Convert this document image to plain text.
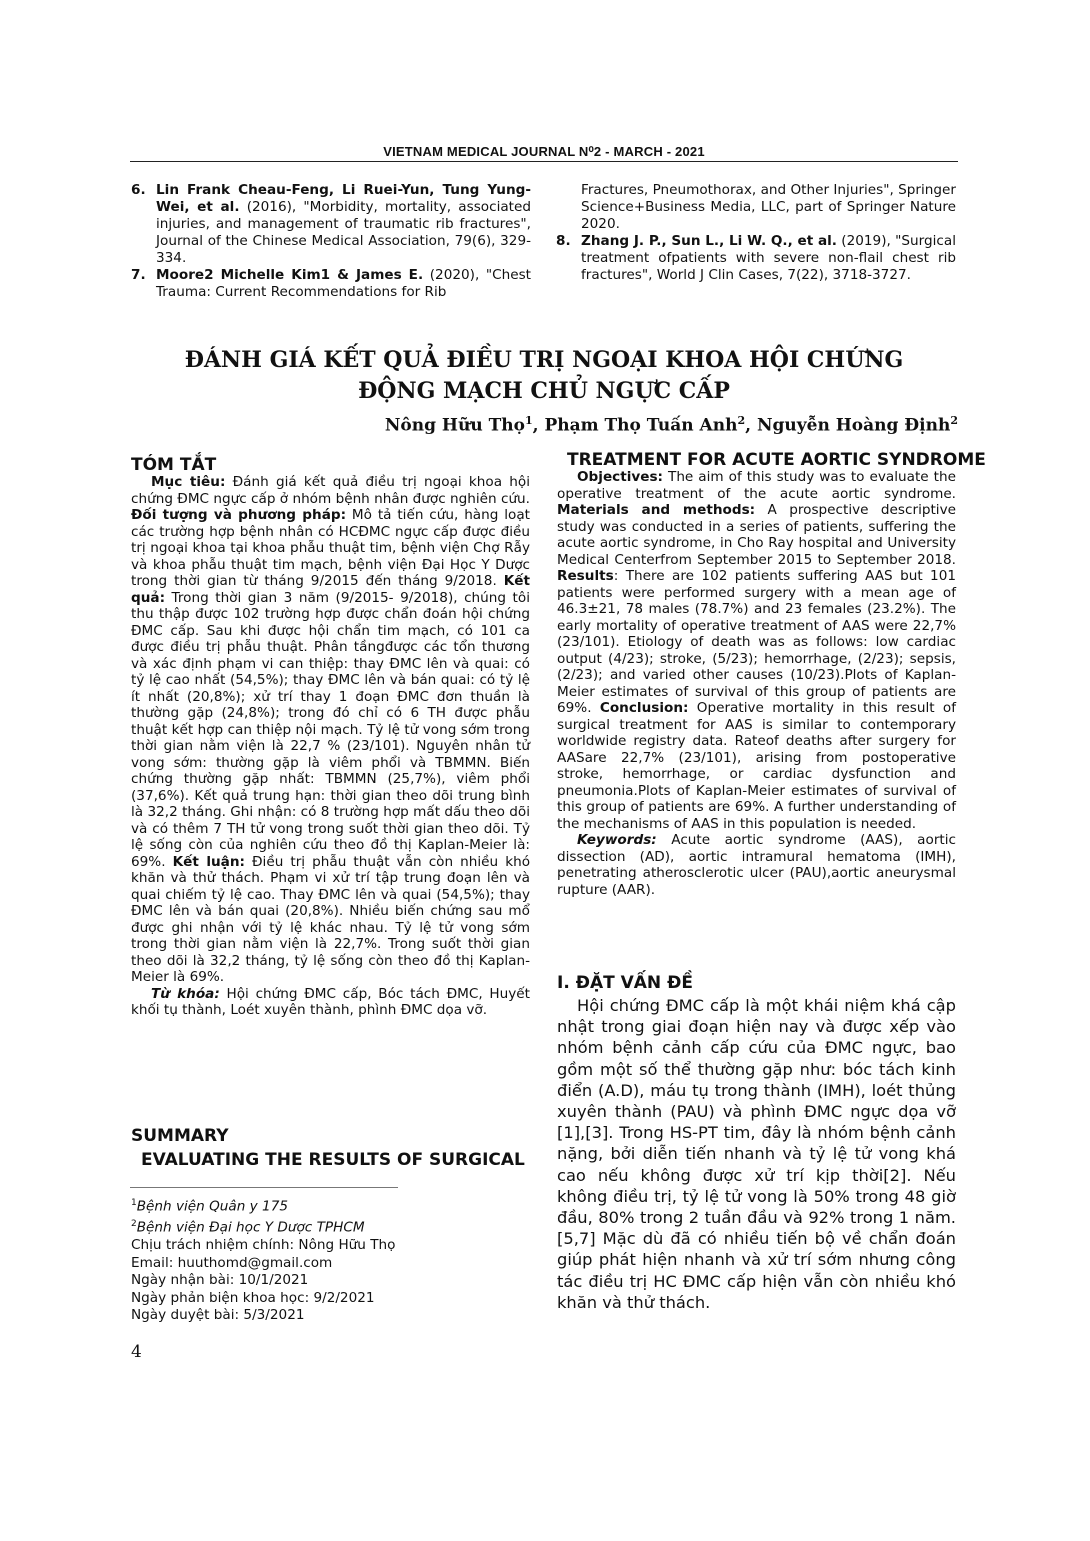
VIETNAM MEDICAL JOURNAL N⁰2 - MARCH - 2021
6. Lin Frank Cheau-Feng, Li Ruei-Yun, Tung Yung-Wei, et al. (2016), "Morbidity, mortality, associated injuries, and management of traumatic rib fractures", Journal of the Chinese Medical Association, 79(6), 329-334.
7. Moore2 Michelle Kim1 & James E. (2020), "Chest Trauma: Current Recommendations for Rib
Fractures, Pneumothorax, and Other Injuries", Springer Science+Business Media, LLC, part of Springer Nature 2020.
8. Zhang J. P., Sun L., Li W. Q., et al. (2019), "Surgical treatment ofpatients with severe non-flail chest rib fractures", World J Clin Cases, 7(22), 3718-3727.
ĐÁNH GIÁ KẾT QUẢ ĐIỀU TRỊ NGOẠI KHOA HỘI CHỨNG
ĐỘNG MẠCH CHỦ NGỰC CẤP
Nông Hữu Thọ$^1$, Phạm Thọ Tuấn Anh$^2$, Nguyễn Hoàng Định$^2$
TÓM TẮT

Mục tiêu: Đánh giá kết quả điều trị ngoại khoa hội chứng ĐMC ngực cấp ở nhóm bệnh nhân được nghiên cứu. Đối tượng và phương pháp: Mô tả tiến cứu, hàng loạt các trường hợp bệnh nhân có HCĐMC ngực cấp được điều trị ngoại khoa tại khoa phẫu thuật tim, bệnh viện Chợ Rẫy và khoa phẫu thuật tim mạch, bệnh viện Đại Học Y Dược trong thời gian từ tháng 9/2015 đến tháng 9/2018. Kết quả: Trong thời gian 3 năm (9/2015- 9/2018), chúng tôi thu thập được 102 trường hợp được chẩn đoán hội chứng ĐMC cấp. Sau khi được hội chẩn tim mạch, có 101 ca được điều trị phẫu thuật. Phân tầngđược các tổn thương và xác định phạm vi can thiệp: thay ĐMC lên và quai: có tỷ lệ cao nhất (54,5%); thay ĐMC lên và bán quai: có tỷ lệ ít nhất (20,8%); xử trí thay 1 đoạn ĐMC đơn thuần là thường gặp (24,8%); trong đó chỉ có 6 TH được phẫu thuật kết hợp can thiệp nội mạch. Tỷ lệ tử vong sớm trong thời gian nằm viện là 22,7 % (23/101). Nguyên nhân tử vong sớm: thường gặp là viêm phổi và TBMMN. Biến chứng thường gặp nhất: TBMMN (25,7%), viêm phổi (37,6%). Kết quả trung hạn: thời gian theo dõi trung bình là 32,2 tháng. Ghi nhận: có 8 trường hợp mất dấu theo dõi và có thêm 7 TH tử vong trong suốt thời gian theo dõi. Tỷ lệ sống còn của nghiên cứu theo đồ thị Kaplan-Meier là: 69%. Kết luận: Điều trị phẫu thuật vẫn còn nhiều khó khăn và thử thách. Phạm vi xử trí tập trung đoạn lên và quai chiếm tỷ lệ cao. Thay ĐMC lên và quai (54,5%); thay ĐMC lên và bán quai (20,8%). Nhiều biến chứng sau mổ được ghi nhận với tỷ lệ khác nhau. Tỷ lệ tử vong sớm trong thời gian nằm viện là 22,7%. Trong suốt thời gian theo dõi là 32,2 tháng, tỷ lệ sống còn theo đồ thị Kaplan- Meier là 69%.

Từ khóa: Hội chứng ĐMC cấp, Bóc tách ĐMC, Huyết khối tụ thành, Loét xuyên thành, phình ĐMC dọa vỡ.

SUMMARY
EVALUATING THE RESULTS OF SURGICAL
$^1$Bệnh viện Quân y 175
$^2$Bệnh viện Đại học Y Dược TPHCM
Chịu trách nhiệm chính: Nông Hữu Thọ
Email: huuthomd@gmail.com
Ngày nhận bài: 10/1/2021
Ngày phản biện khoa học: 9/2/2021
Ngày duyệt bài: 5/3/2021
4
TREATMENT FOR ACUTE AORTIC SYNDROME

Objectives: The aim of this study was to evaluate the operative treatment of the acute aortic syndrome. Materials and methods: A prospective descriptive study was conducted in a series of patients, suffering the acute aortic syndrome, in Cho Ray hospital and University Medical Centerfrom September 2015 to September 2018. Results: There are 102 patients suffering AAS but 101 patients were performed surgery with a mean age of 46.3±21, 78 males (78.7%) and 23 females (23.2%). The early mortality of operative treatment of AAS were 22,7% (23/101). Etiology of death was as follows: low cardiac output (4/23); stroke, (5/23); hemorrhage, (2/23); sepsis, (2/23); and varied other causes (10/23).Plots of Kaplan-Meier estimates of survival of this group of patients are 69%. Conclusion: Operative mortality in this result of surgical treatment for AAS is similar to contemporary worldwide registry data. Rateof deaths after surgery for AASare 22,7% (23/101), arising from postoperative stroke, hemorrhage, or cardiac dysfunction and pneumonia.Plots of Kaplan-Meier estimates of survival of this group of patients are 69%. A further understanding of the mechanisms of AAS in this population is needed.

Keywords: Acute aortic syndrome (AAS), aortic dissection (AD), aortic intramural hematoma (IMH), penetrating atherosclerotic ulcer (PAU),aortic aneurysmal rupture (AAR).

I. ĐẶT VẤN ĐỀ

Hội chứng ĐMC cấp là một khái niệm khá cập nhật trong giai đoạn hiện nay và được xếp vào nhóm bệnh cảnh cấp cứu của ĐMC ngực, bao gồm một số thể thường gặp như: bóc tách kinh điển (A.D), máu tụ trong thành (IMH), loét thủng xuyên thành (PAU) và phình ĐMC ngực dọa vỡ [1],[3]. Trong HS-PT tim, đây là nhóm bệnh cảnh nặng, bởi diễn tiến nhanh và tỷ lệ tử vong khá cao nếu không được xử trí kịp thời[2]. Nếu không điều trị, tỷ lệ tử vong là 50% trong 48 giờ đầu, 80% trong 2 tuần đầu và 92% trong 1 năm. [5,7] Mặc dù đã có nhiều tiến bộ về chẩn đoán giúp phát hiện nhanh và xử trí sớm nhưng công tác điều trị HC ĐMC cấp hiện vẫn còn nhiều khó khăn và thử thách.
